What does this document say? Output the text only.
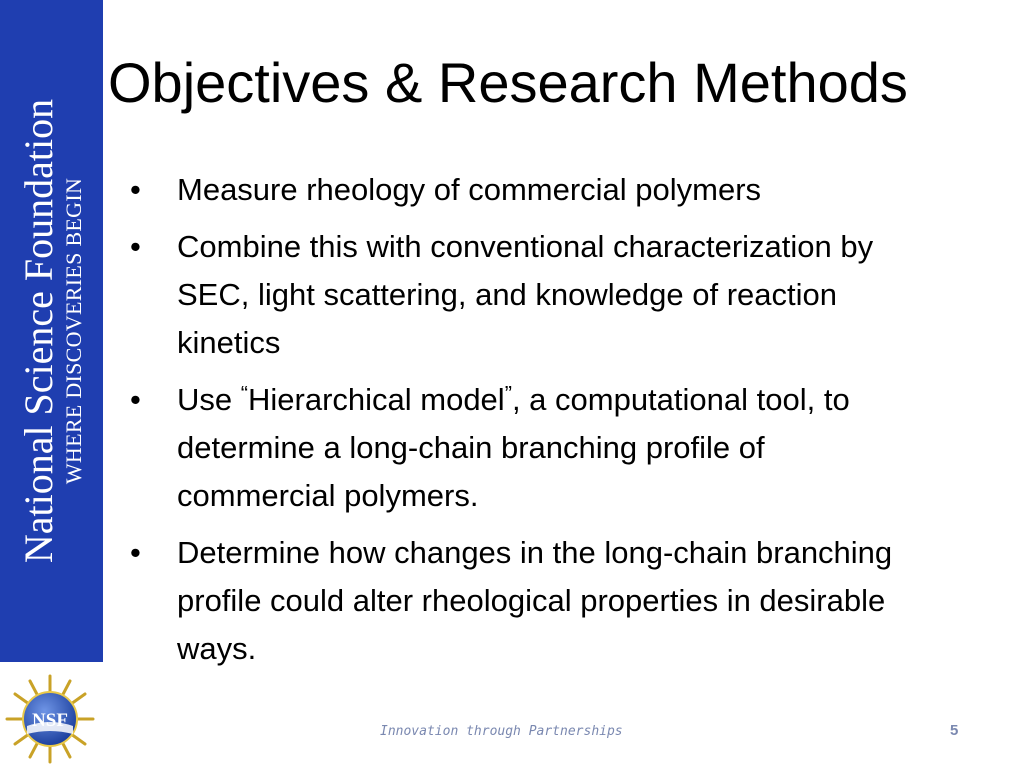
National Science Foundation WHERE DISCOVERIES BEGIN
Objectives & Research Methods
• Measure rheology of commercial polymers
• Combine this with conventional characterization by SEC, light scattering, and knowledge of reaction kinetics
• Use “Hierarchical model”, a computational tool, to determine a long-chain branching profile of commercial polymers.
• Determine how changes in the long-chain branching profile could alter rheological properties in desirable ways.
NSF
Innovation through Partnerships	5
